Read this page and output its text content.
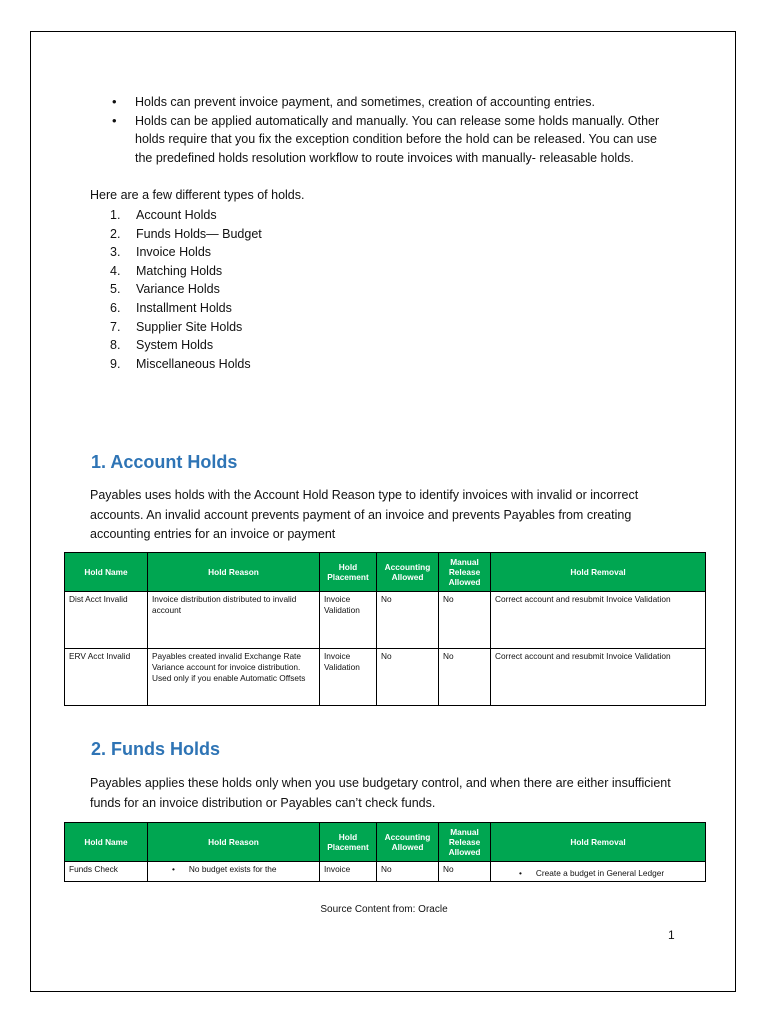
• Holds can prevent invoice payment, and sometimes, creation of accounting entries.
• Holds can be applied automatically and manually. You can release some holds manually. Other holds require that you fix the exception condition before the hold can be released. You can use the predefined holds resolution workflow to route invoices with manually- releasable holds.
Here are a few different types of holds.
1.	Account Holds
2.	Funds Holds— Budget
3.	Invoice Holds
4.	Matching Holds
5.	Variance Holds
6.	Installment Holds
7.	Supplier Site Holds
8.	System Holds
9.	Miscellaneous Holds
1. Account Holds
Payables uses holds with the Account Hold Reason type to identify invoices with invalid or incorrect accounts. An invalid account prevents payment of an invoice and prevents Payables from creating accounting entries for an invoice or payment
Hold Name	Hold Reason	Hold Placement	Accounting Allowed	Manual Release Allowed	Hold Removal
Dist Acct Invalid	Invoice distribution distributed to invalid account	Invoice Validation	No	No	Correct account and resubmit Invoice Validation
ERV Acct Invalid	Payables created invalid Exchange Rate Variance account for invoice distribution. Used only if you enable Automatic Offsets	Invoice Validation	No	No	Correct account and resubmit Invoice Validation
2. Funds Holds
Payables applies these holds only when you use budgetary control, and when there are either insufficient funds for an invoice distribution or Payables can’t check funds.
Hold Name	Hold Reason	Hold Placement	Accounting Allowed	Manual Release Allowed	Hold Removal
Funds Check	• No budget exists for the	Invoice	No	No	• Create a budget in General Ledger
Source Content from: Oracle
1
